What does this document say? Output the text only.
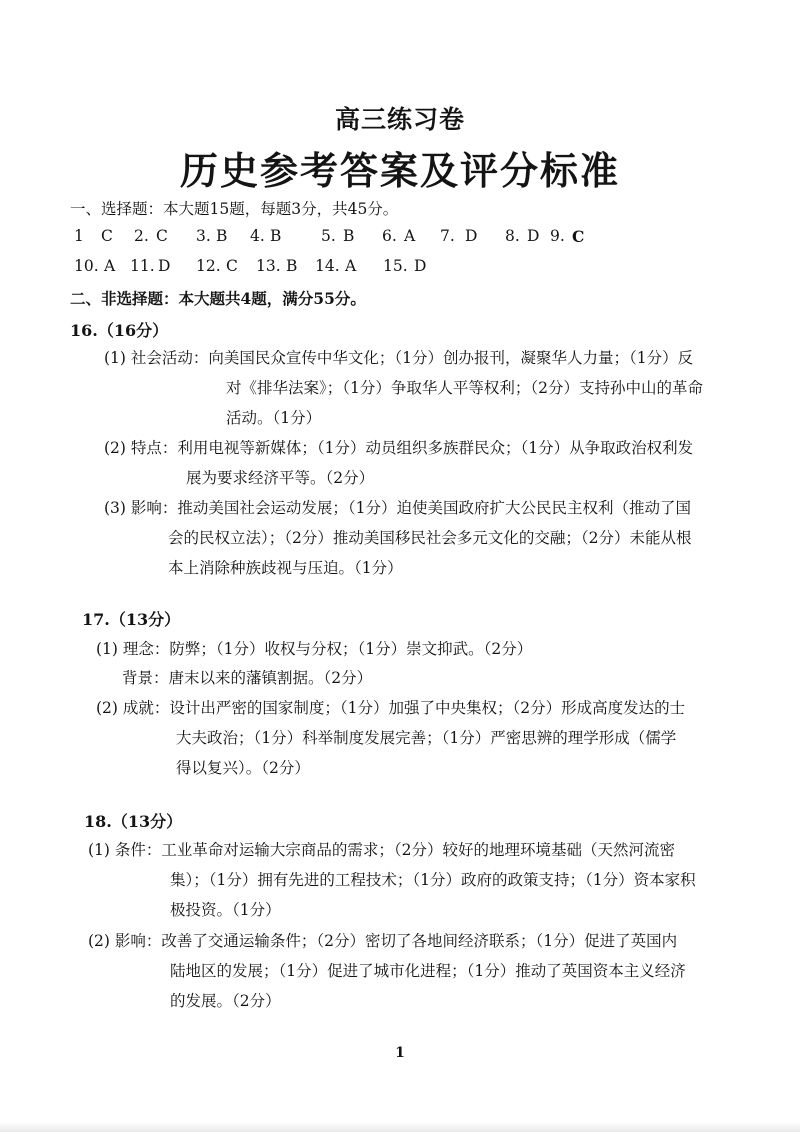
高三练习卷
历史参考答案及评分标准
一、选择题：本大题15题，每题3分，共45分。
1 C 2. C 3. B 4. B	5. B 6. A 7. D 8. D 9. C
10. A 11. D 12. C 13. B 14. A 15. D
二、非选择题：本大题共4题，满分55分。
16.（16分）
(1) 社会活动：向美国民众宣传中华文化；（1分）创办报刊，凝聚华人力量；（1分）反
对《排华法案》；（1分）争取华人平等权利；（2分）支持孙中山的革命
活动。（1分）
(2) 特点：利用电视等新媒体；（1分）动员组织多族群民众；（1分）从争取政治权利发
展为要求经济平等。（2分）
(3) 影响：推动美国社会运动发展；（1分）迫使美国政府扩大公民民主权利（推动了国
会的民权立法）；（2分）推动美国移民社会多元文化的交融；（2分）未能从根
本上消除种族歧视与压迫。（1分）
17.（13分）
(1) 理念：防弊；（1分）收权与分权；（1分）崇文抑武。（2分）
背景：唐末以来的藩镇割据。（2分）
(2) 成就：设计出严密的国家制度；（1分）加强了中央集权；（2分）形成高度发达的士
大夫政治；（1分）科举制度发展完善；（1分）严密思辨的理学形成（儒学
得以复兴）。（2分）
18.（13分）
(1) 条件：工业革命对运输大宗商品的需求；（2分）较好的地理环境基础（天然河流密
集）；（1分）拥有先进的工程技术；（1分）政府的政策支持；（1分）资本家积
极投资。（1分）
(2) 影响：改善了交通运输条件；（2分）密切了各地间经济联系；（1分）促进了英国内
陆地区的发展；（1分）促进了城市化进程；（1分）推动了英国资本主义经济
的发展。（2分）
1
